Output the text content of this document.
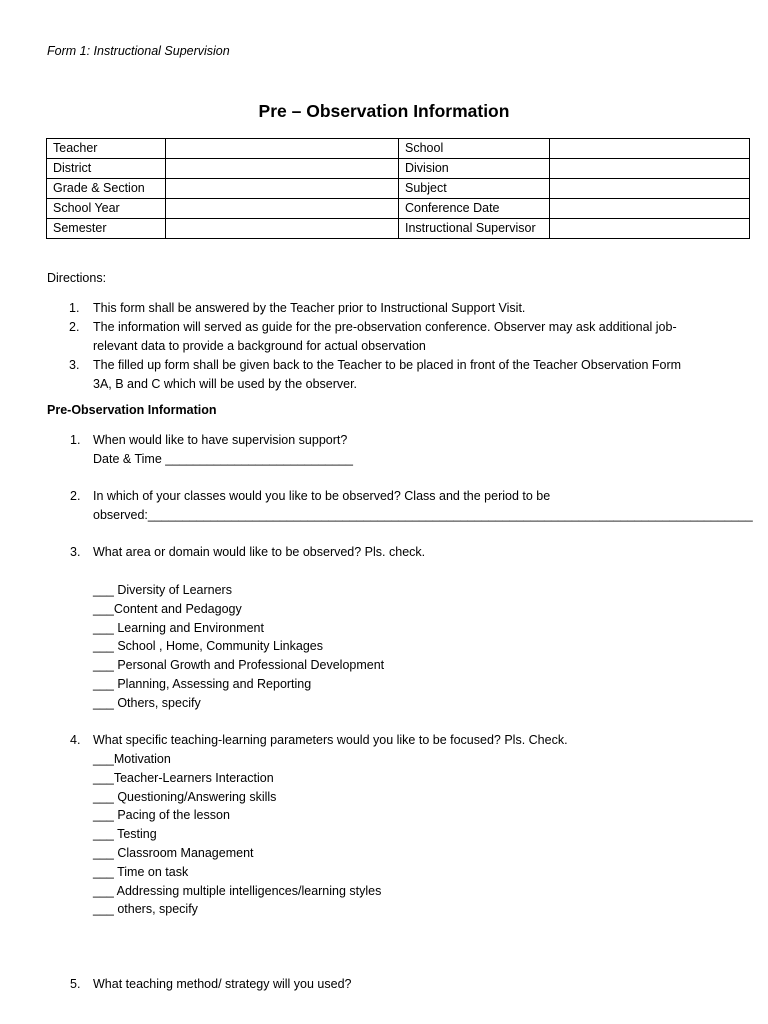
Form 1: Instructional Supervision
Pre – Observation Information
Teacher		School	
District		Division	
Grade & Section		Subject	
School Year		Conference Date	
Semester		Instructional Supervisor	
Directions:
1. This form shall be answered by the Teacher prior to Instructional Support Visit.
2. The information will served as guide for the pre-observation conference. Observer may ask additional job-
relevant data to provide a background for actual observation
3. The filled up form shall be given back to the Teacher to be placed in front of the Teacher Observation Form
3A, B and C which will be used by the observer.
Pre-Observation Information
1. When would like to have supervision support?
Date & Time ___________________________
2. In which of your classes would you like to be observed? Class and the period to be
observed:_______________________________________________________________________________________
3. What area or domain would like to be observed? Pls. check.
___ Diversity of Learners
___Content and Pedagogy
___ Learning and Environment
___ School , Home, Community Linkages
___ Personal Growth and Professional Development
___ Planning, Assessing and Reporting
___ Others, specify
4. What specific teaching-learning parameters would you like to be focused? Pls. Check.
___Motivation
___Teacher-Learners Interaction
___ Questioning/Answering skills
___ Pacing of the lesson
___ Testing
___ Classroom Management
___ Time on task
___ Addressing multiple intelligences/learning styles
___ others, specify
5. What teaching method/ strategy will you used?
